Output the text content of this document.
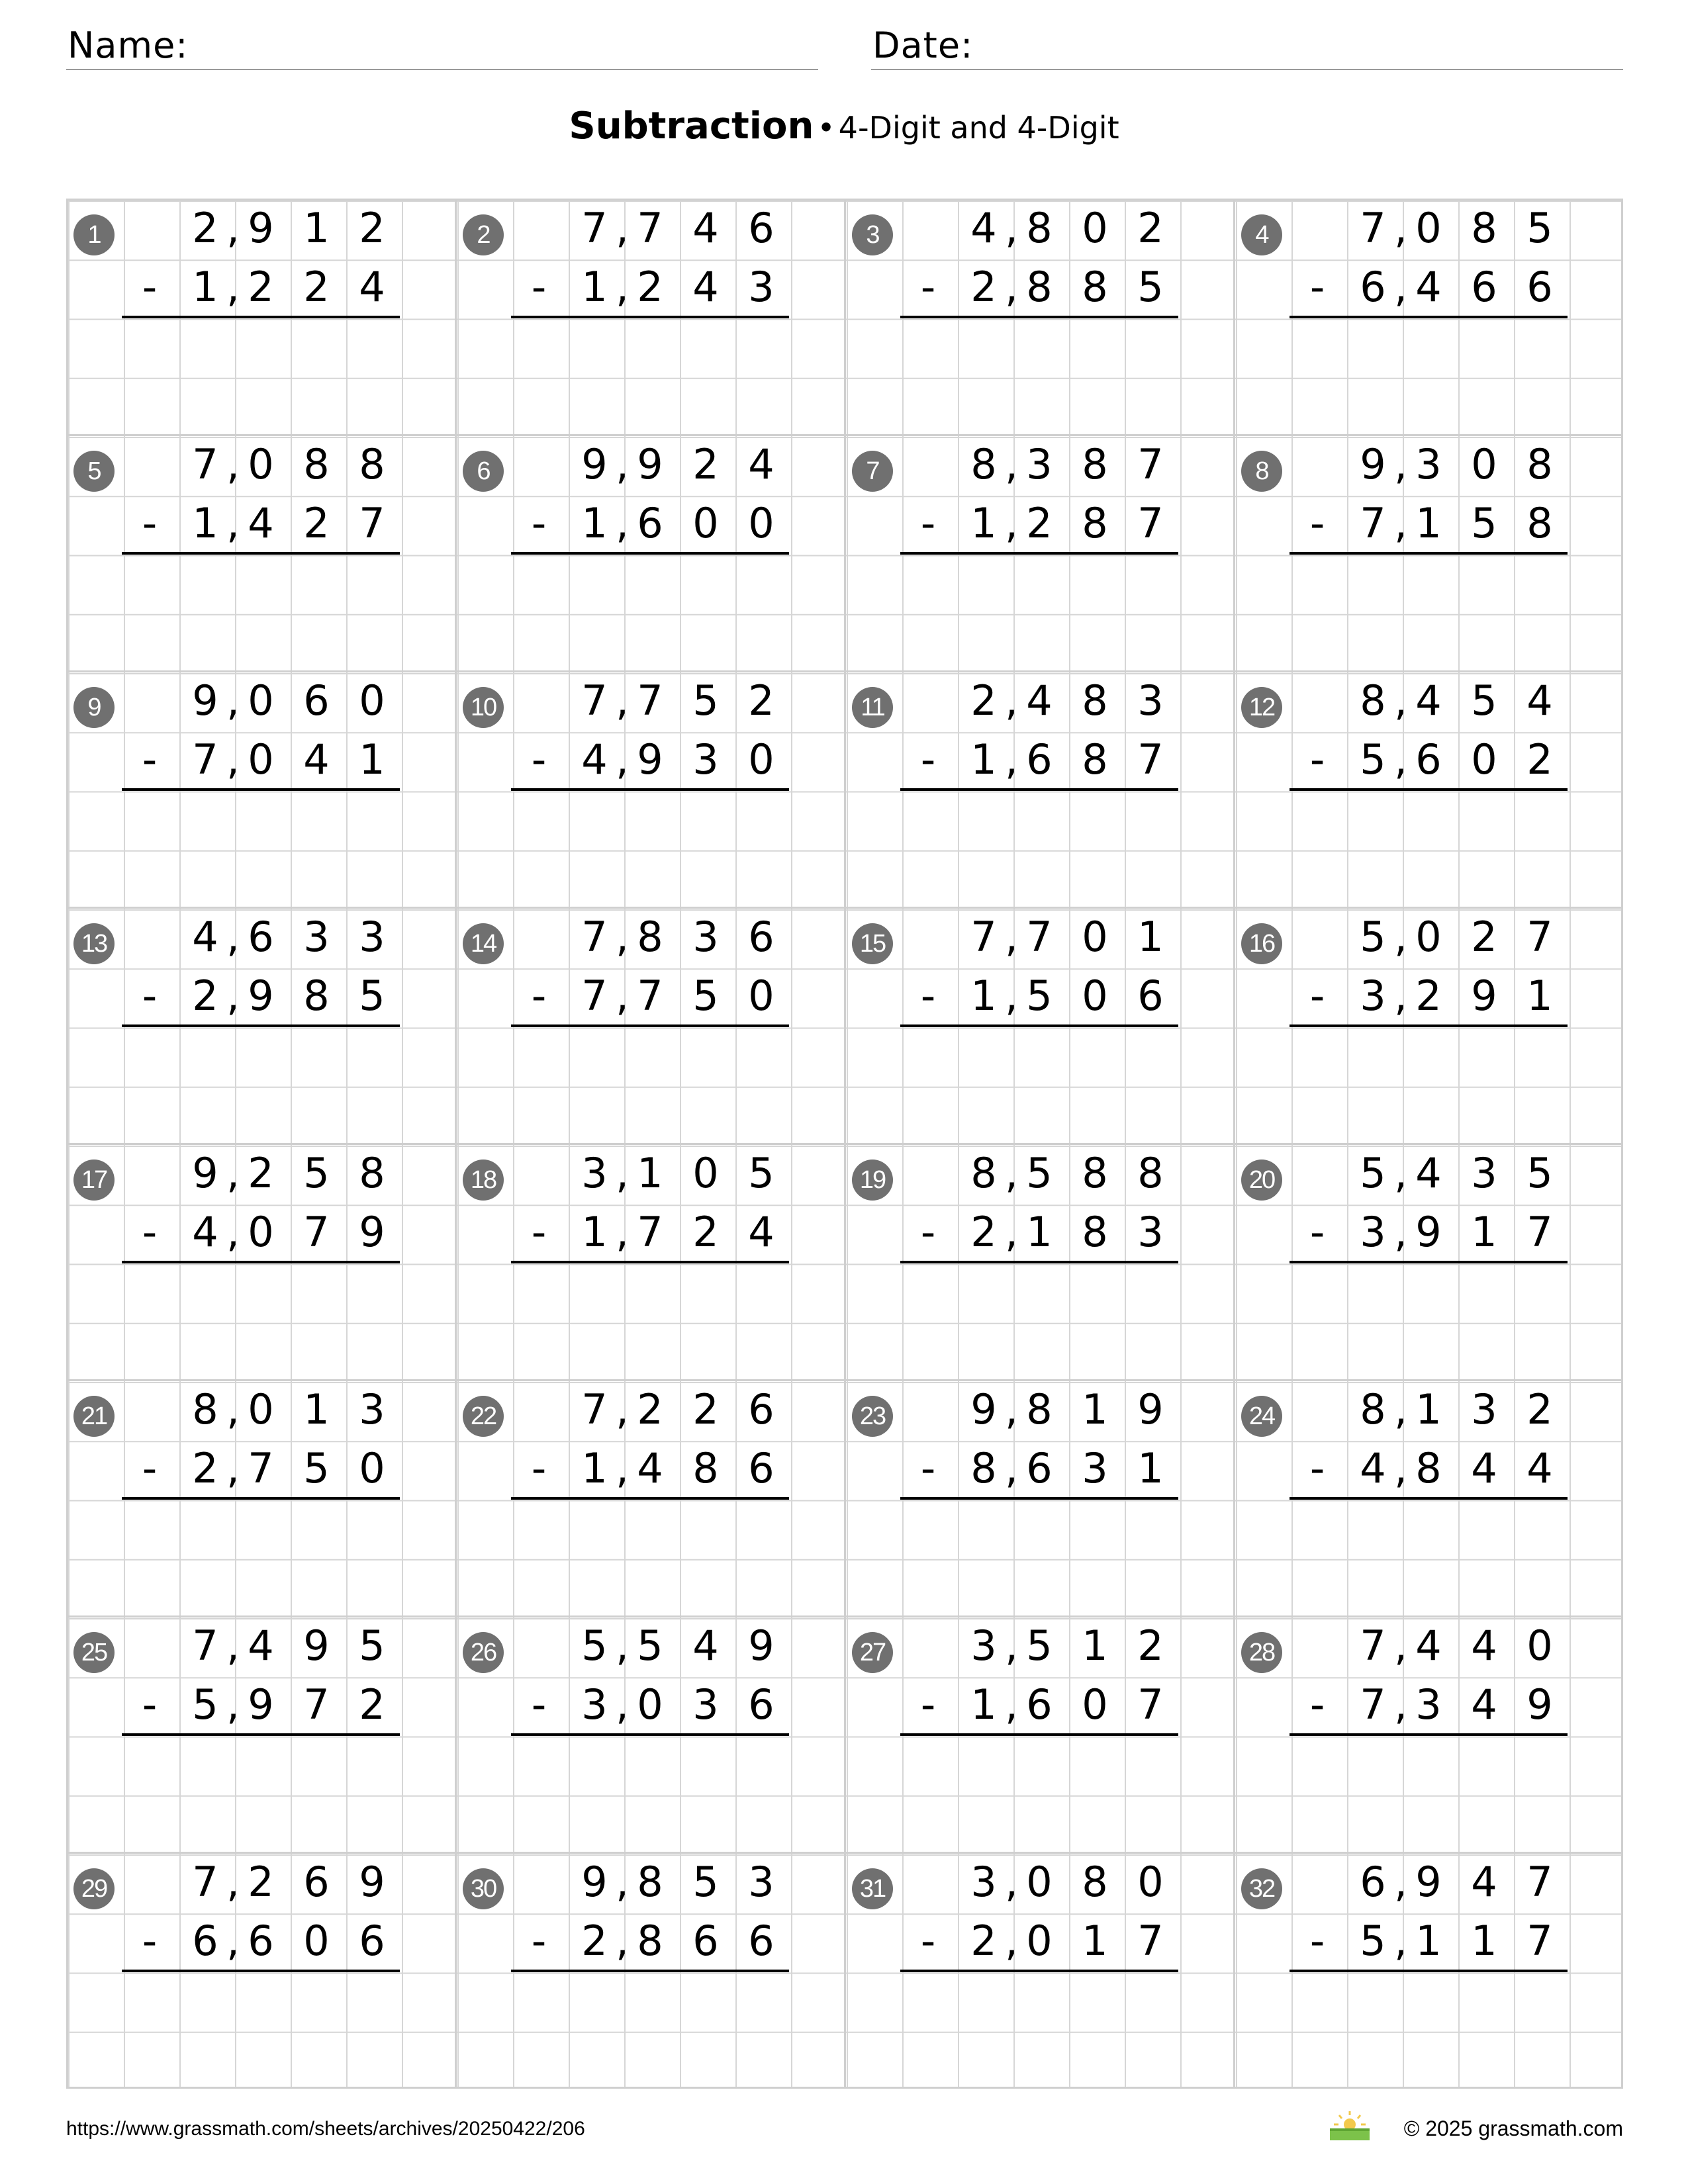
Name:	Date:
Subtraction • 4-Digit and 4-Digit
1	2 9 1 2
,
- 1 2 2 4
,
2	7 7 4 6
,
- 1 2 4 3
,
3	4 8 0 2
,
- 2 8 8 5
,
4	7 0 8 5
,
- 6 4 6 6
,
5	7 0 8 8
,
- 1 4 2 7
,
6	9 9 2 4
,
- 1 6 0 0
,
7	8 3 8 7
,
- 1 2 8 7
,
8	9 3 0 8
,
- 7 1 5 8
,
9	9 0 6 0
,
- 7 0 4 1
,
10	7 7 5 2
,
- 4 9 3 0
,
11	2 4 8 3
,
- 1 6 8 7
,
12	8 4 5 4
,
- 5 6 0 2
,
13	4 6 3 3
,
- 2 9 8 5
,
14	7 8 3 6
,
- 7 7 5 0
,
15	7 7 0 1
,
- 1 5 0 6
,
16	5 0 2 7
,
- 3 2 9 1
,
17	9 2 5 8
,
- 4 0 7 9
,
18	3 1 0 5
,
- 1 7 2 4
,
19	8 5 8 8
,
- 2 1 8 3
,
20	5 4 3 5
,
- 3 9 1 7
,
21	8 0 1 3
,
- 2 7 5 0
,
22	7 2 2 6
,
- 1 4 8 6
,
23	9 8 1 9
,
- 8 6 3 1
,
24	8 1 3 2
,
- 4 8 4 4
,
25	7 4 9 5
,
- 5 9 7 2
,
26	5 5 4 9
,
- 3 0 3 6
,
27	3 5 1 2
,
- 1 6 0 7
,
28	7 4 4 0
,
- 7 3 4 9
,
29	7 2 6 9
,
- 6 6 0 6
,
30	9 8 5 3
,
- 2 8 6 6
,
31	3 0 8 0
,
- 2 0 1 7
,
32	6 9 4 7
,
- 5 1 1 7
,
https://www.grassmath.com/sheets/archives/20250422/206	© 2025 grassmath.com
